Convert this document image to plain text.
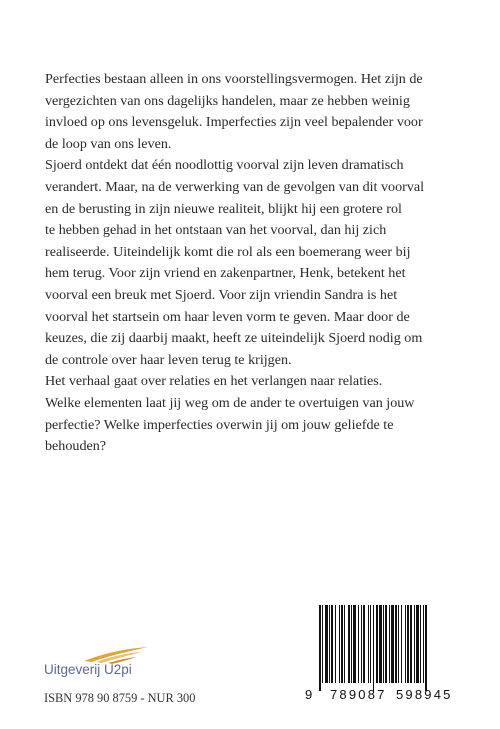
Perfecties bestaan alleen in ons voorstellingsvermogen. Het zijn de
vergezichten van ons dagelijks handelen, maar ze hebben weinig
invloed op ons levensgeluk. Imperfecties zijn veel bepalender voor
de loop van ons leven.

Sjoerd ontdekt dat één noodlottig voorval zijn leven dramatisch
verandert. Maar, na de verwerking van de gevolgen van dit voorval
en de berusting in zijn nieuwe realiteit, blijkt hij een grotere rol
te hebben gehad in het ontstaan van het voorval, dan hij zich
realiseerde. Uiteindelijk komt die rol als een boemerang weer bij
hem terug. Voor zijn vriend en zakenpartner, Henk, betekent het
voorval een breuk met Sjoerd. Voor zijn vriendin Sandra is het
voorval het startsein om haar leven vorm te geven. Maar door de
keuzes, die zij daarbij maakt, heeft ze uiteindelijk Sjoerd nodig om
de controle over haar leven terug te krijgen.

Het verhaal gaat over relaties en het verlangen naar relaties.

Welke elementen laat jij weg om de ander te overtuigen van jouw
perfectie? Welke imperfecties overwin jij om jouw geliefde te
behouden?

Uitgeverij U2pi
ISBN 978 90 8759 - NUR 300	9 789087 598945
